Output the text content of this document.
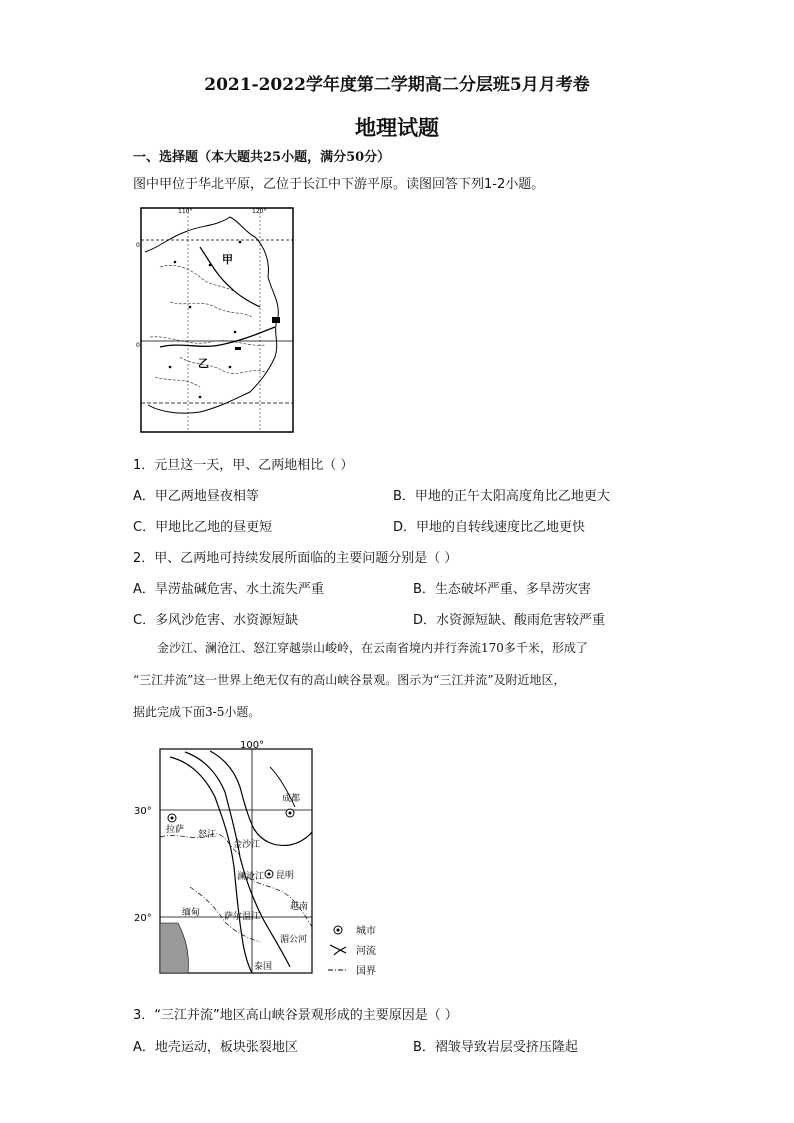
2021-2022学年度第二学期高二分层班5月月考卷
地理试题
一、选择题（本大题共25小题，满分50分）
图中甲位于华北平原，乙位于长江中下游平原。读图回答下列1-2小题。
110°	120°
0
0
甲
乙
1．元旦这一天，甲、乙两地相比（ ）
A．甲乙两地昼夜相等	B．甲地的正午太阳高度角比乙地更大
C．甲地比乙地的昼更短	D．甲地的自转线速度比乙地更快
2．甲、乙两地可持续发展所面临的主要问题分别是（ ）
A．旱涝盐碱危害、水土流失严重	B．生态破坏严重、多旱涝灾害
C．多风沙危害、水资源短缺	D．水资源短缺、酸雨危害较严重

金沙江、澜沧江、怒江穿越崇山峻岭，在云南省境内并行奔流170多千米，形成了

“三江并流”这一世界上绝无仅有的高山峡谷景观。图示为“三江并流”及附近地区，

据此完成下面3-5小题。

100°
30°
20°
成都
拉萨
昆明
怒江
金沙江
澜沧江
萨尔温江
湄公河
缅甸
越南
泰国
城市
河流
国界
3．“三江并流”地区高山峡谷景观形成的主要原因是（ ）
A．地壳运动，板块张裂地区	B．褶皱导致岩层受挤压隆起
